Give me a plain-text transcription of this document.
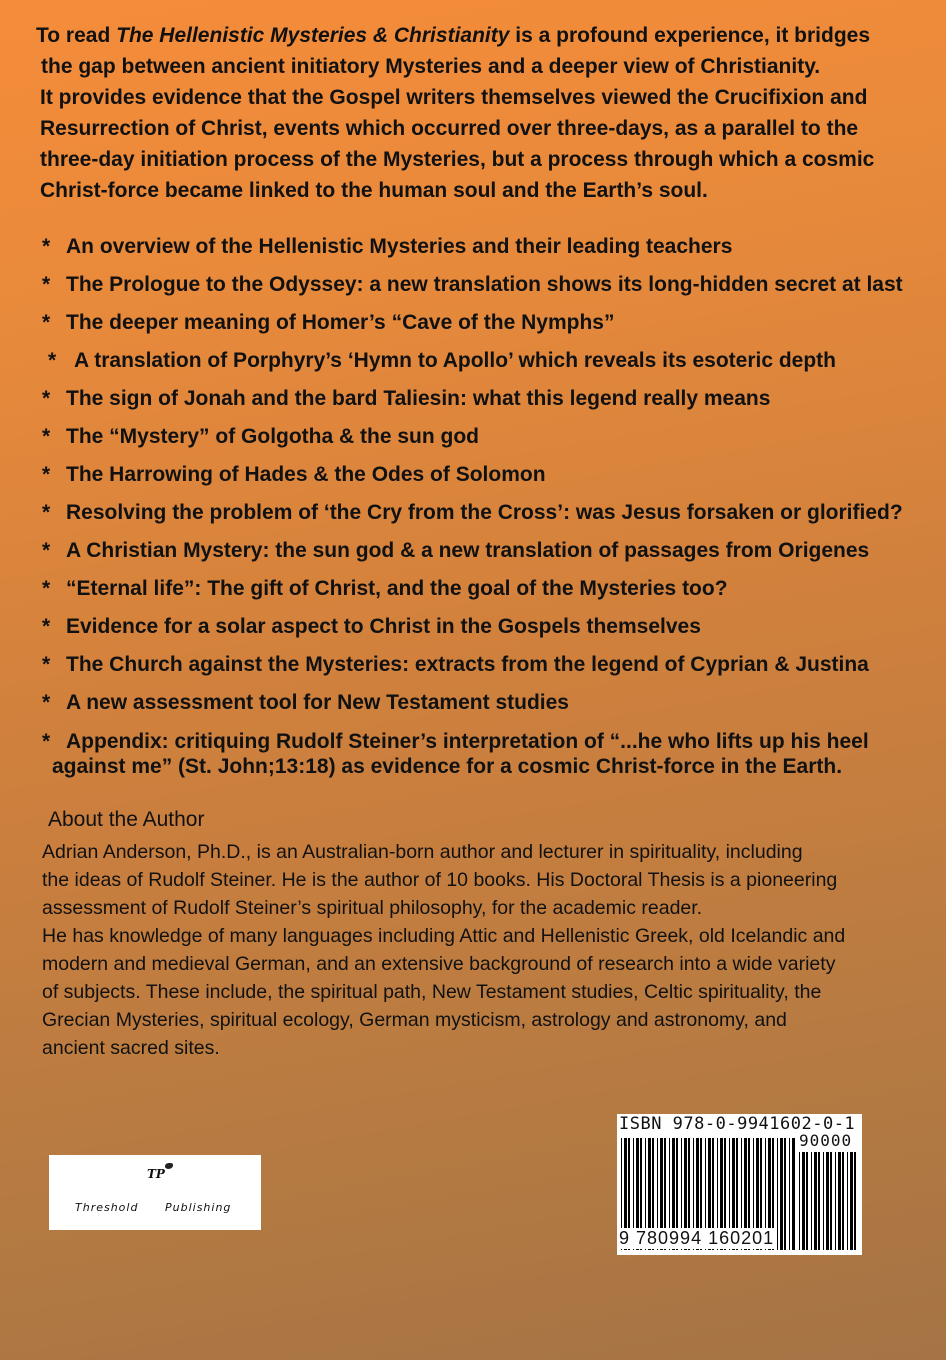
To read The Hellenistic Mysteries & Christianity is a profound experience, it bridges
the gap between ancient initiatory Mysteries and a deeper view of Christianity.
It provides evidence that the Gospel writers themselves viewed the Crucifixion and
Resurrection of Christ, events which occurred over three-days, as a parallel to the
three-day initiation process of the Mysteries, but a process through which a cosmic
Christ-force became linked to the human soul and the Earth’s soul.

* An overview of the Hellenistic Mysteries and their leading teachers
* The Prologue to the Odyssey: a new translation shows its long-hidden secret at last
* The deeper meaning of Homer’s “Cave of the Nymphs”
* A translation of Porphyry’s ‘Hymn to Apollo’ which reveals its esoteric depth
* The sign of Jonah and the bard Taliesin: what this legend really means
* The “Mystery” of Golgotha & the sun god
* The Harrowing of Hades & the Odes of Solomon
* Resolving the problem of ‘the Cry from the Cross’: was Jesus forsaken or glorified?
* A Christian Mystery: the sun god & a new translation of passages from Origenes
* “Eternal life”: The gift of Christ, and the goal of the Mysteries too?
* Evidence for a solar aspect to Christ in the Gospels themselves
* The Church against the Mysteries: extracts from the legend of Cyprian & Justina
* A new assessment tool for New Testament studies
* Appendix: critiquing Rudolf Steiner’s interpretation of “...he who lifts up his heel
against me” (St. John;13:18) as evidence for a cosmic Christ-force in the Earth.
About the Author

Adrian Anderson, Ph.D., is an Australian-born author and lecturer in spirituality, including
the ideas of Rudolf Steiner. He is the author of 10 books. His Doctoral Thesis is a pioneering
assessment of Rudolf Steiner’s spiritual philosophy, for the academic reader.
He has knowledge of many languages including Attic and Hellenistic Greek, old Icelandic and
modern and medieval German, and an extensive background of research into a wide variety
of subjects. These include, the spiritual path, New Testament studies, Celtic spirituality, the
Grecian Mysteries, spiritual ecology, German mysticism, astrology and astronomy, and
ancient sacred sites.

TP
Threshold Publishing
ISBN 978-0-9941602-0-1
90000
9 780994 160201
